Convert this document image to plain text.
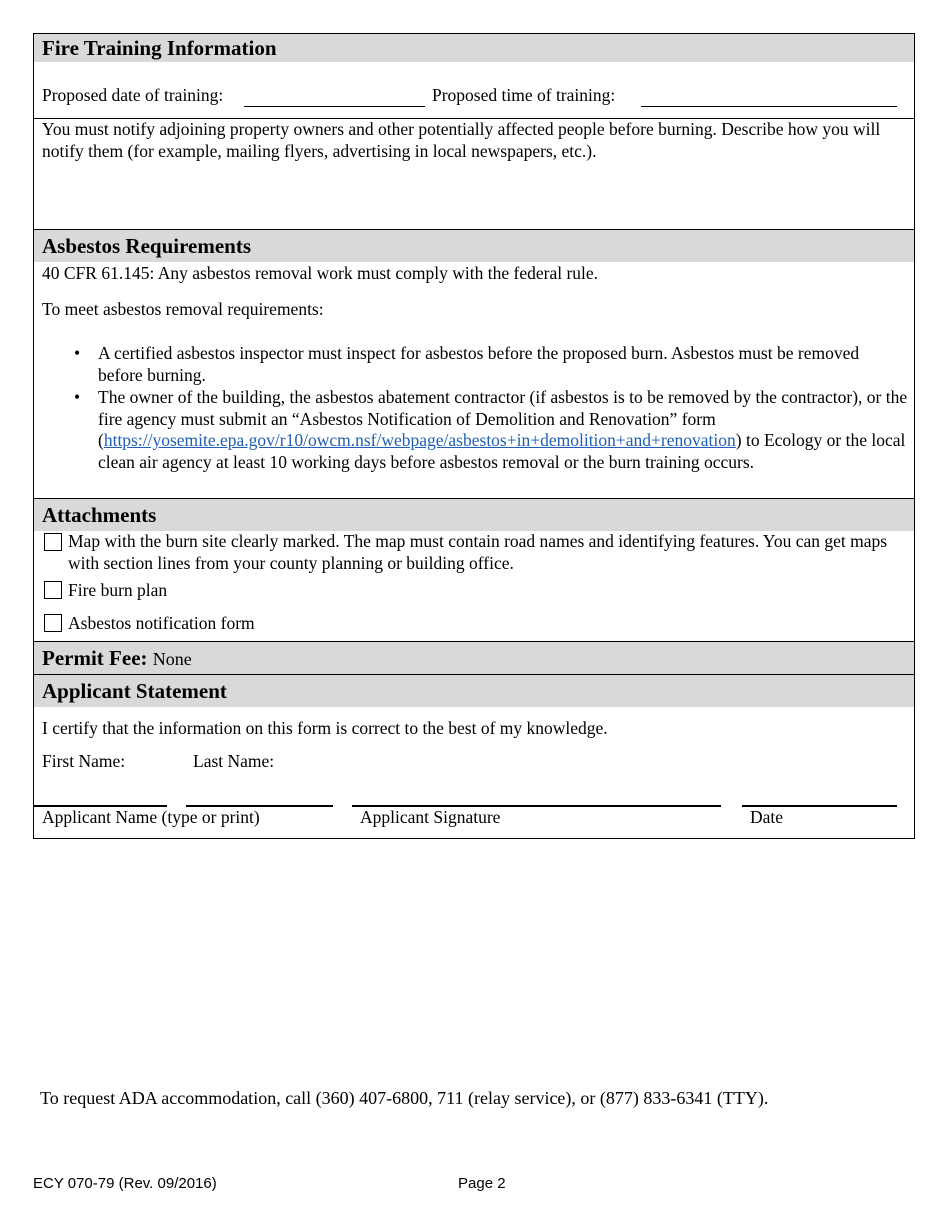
Fire Training Information
Proposed date of training:	Proposed time of training:
You must notify adjoining property owners and other potentially affected people before burning. Describe how you will notify them (for example, mailing flyers, advertising in local newspapers, etc.).
Asbestos Requirements
40 CFR 61.145: Any asbestos removal work must comply with the federal rule.
To meet asbestos removal requirements:
• A certified asbestos inspector must inspect for asbestos before the proposed burn. Asbestos must be removed before burning.
• The owner of the building, the asbestos abatement contractor (if asbestos is to be removed by the contractor), or the fire agency must submit an “Asbestos Notification of Demolition and Renovation” form (https://yosemite.epa.gov/r10/owcm.nsf/webpage/asbestos+in+demolition+and+renovation) to Ecology or the local clean air agency at least 10 working days before asbestos removal or the burn training occurs.
Attachments
Map with the burn site clearly marked. The map must contain road names and identifying features. You can get maps with section lines from your county planning or building office.
Fire burn plan
Asbestos notification form
Permit Fee: None
Applicant Statement
I certify that the information on this form is correct to the best of my knowledge.
First Name:	Last Name:
Applicant Name (type or print)	Applicant Signature	Date
To request ADA accommodation, call (360) 407-6800, 711 (relay service), or (877) 833-6341 (TTY).
ECY 070-79 (Rev. 09/2016)	Page 2
